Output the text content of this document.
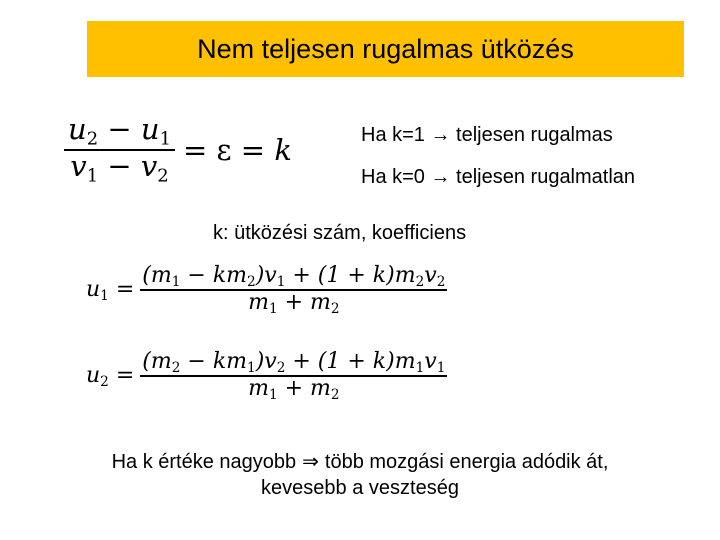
Nem teljesen rugalmas ütközés
$\frac{u_2 - u_1}{v_1 - v_2} = \varepsilon = k$	Ha k=1 → teljesen rugalmas
Ha k=0 → teljesen rugalmatlan
k: ütközési szám, koefficiens
$u_1 = \frac{(m_1 - km_2)v_1 + (1 + k)m_2v_2}{m_1 + m_2}$
$u_2 = \frac{(m_2 - km_1)v_2 + (1 + k)m_1v_1}{m_1 + m_2}$
Ha k értéke nagyobb ⇒ több mozgási energia adódik át,
kevesebb a veszteség
